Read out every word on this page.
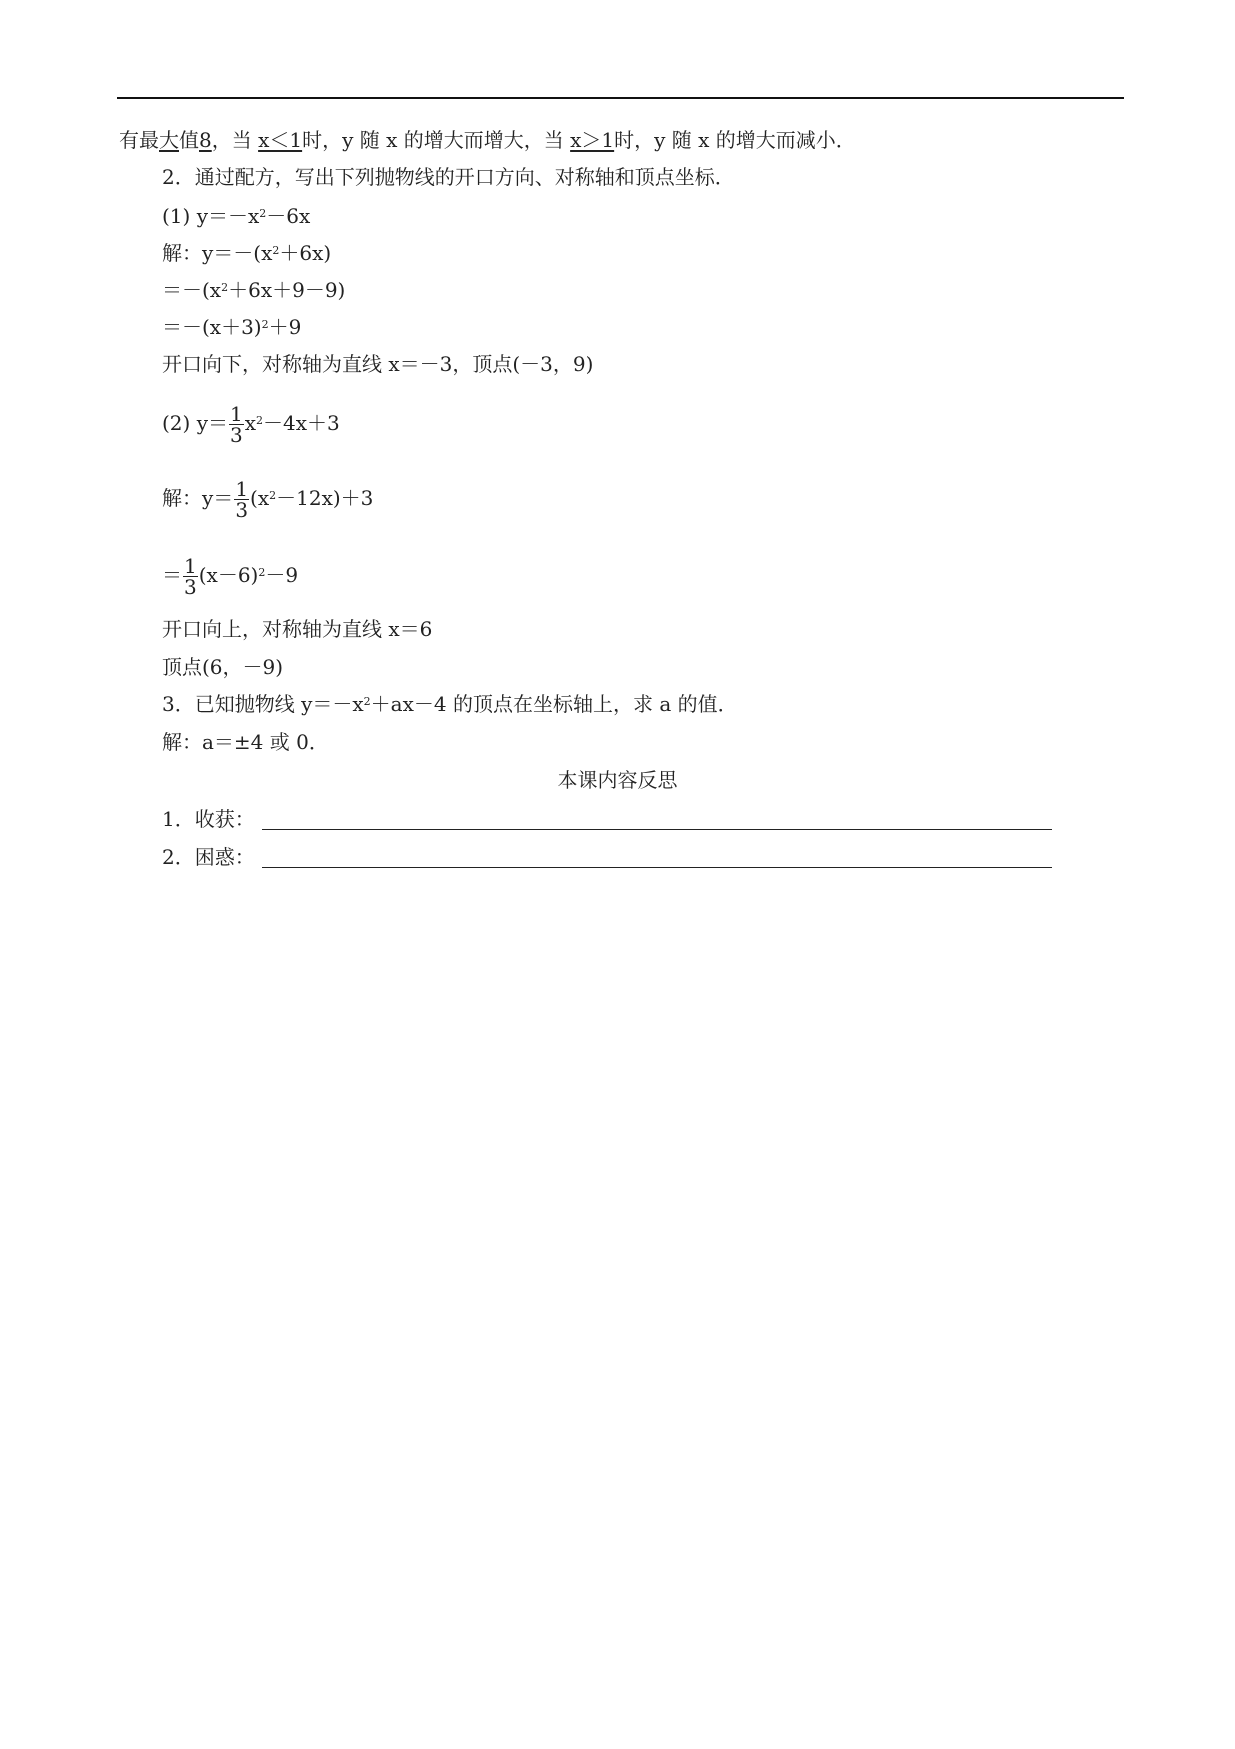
有最大值8，当 x＜1时，y 随 x 的增大而增大，当 x＞1时，y 随 x 的增大而减小．
2．通过配方，写出下列抛物线的开口方向、对称轴和顶点坐标．
(1) $y=-x^2-6x$
解：$y=-(x^2+6x)$
$=-(x^2+6x+9-9)$
$=-(x+3)^2+9$
开口向下，对称轴为直线 x＝－3，顶点(－3，9)
(2) $y= \frac{1}{3} x^2-4x+3$
解：$y= \frac{1}{3} (x^2-12x)+3$
＝ $\frac{1}{3} (x-6)^2-9$
开口向上，对称轴为直线 x＝6
顶点(6，－9)
3．已知抛物线 $y=-x^2+ax-4$ 的顶点在坐标轴上，求 a 的值．
解：a＝±4 或 0．
本课内容反思
1．收获：
2．困惑：
